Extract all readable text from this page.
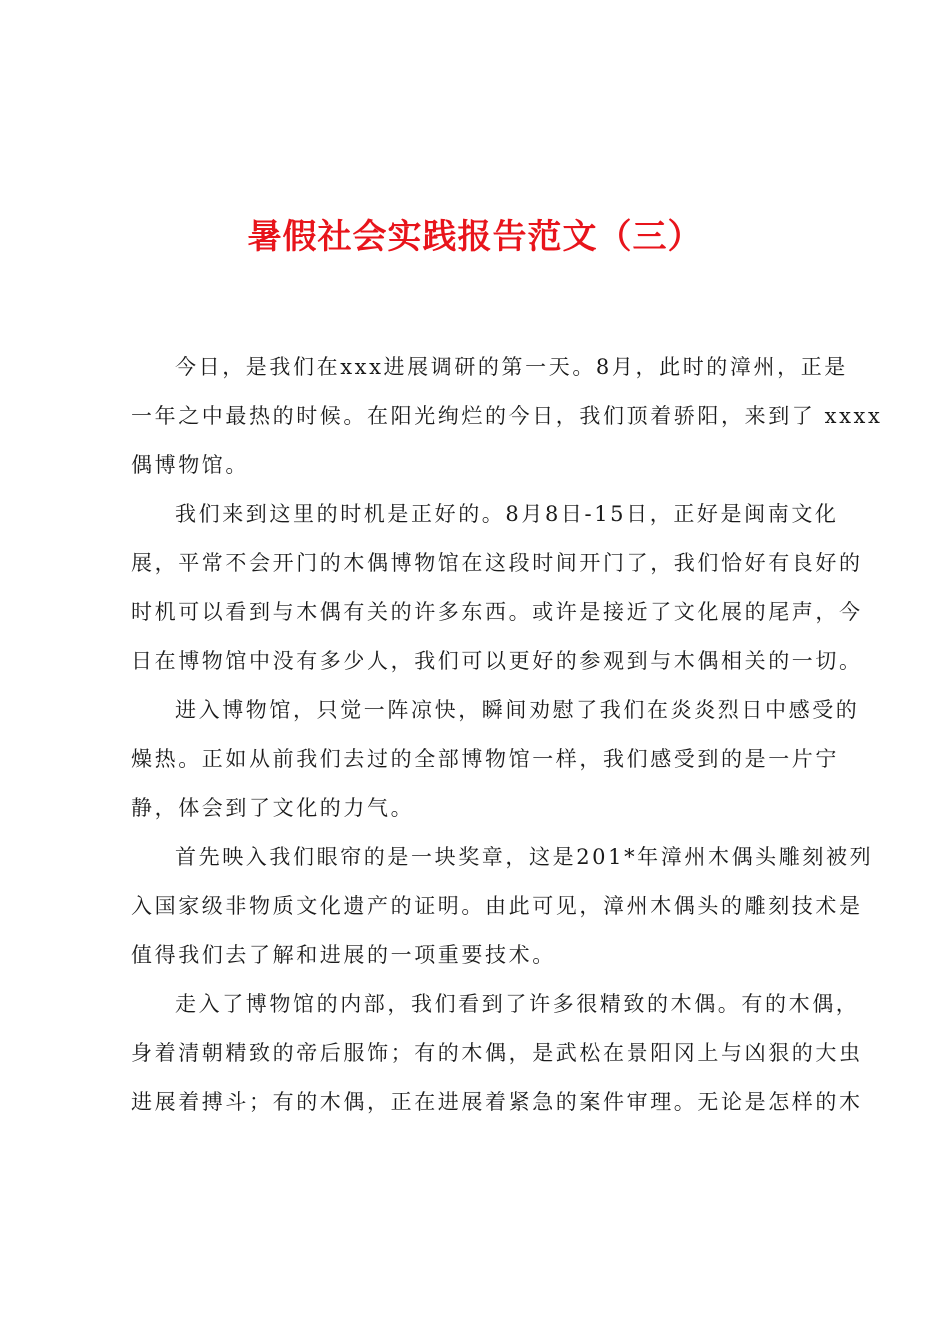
暑假社会实践报告范文（三）

今日，是我们在xxx进展调研的第一天。8月，此时的漳州，正是
一年之中最热的时候。在阳光绚烂的今日，我们顶着骄阳，来到了 xxxx
偶博物馆。

我们来到这里的时机是正好的。8月8日-15日，正好是闽南文化
展，平常不会开门的木偶博物馆在这段时间开门了，我们恰好有良好的
时机可以看到与木偶有关的许多东西。或许是接近了文化展的尾声，今
日在博物馆中没有多少人，我们可以更好的参观到与木偶相关的一切。

进入博物馆，只觉一阵凉快，瞬间劝慰了我们在炎炎烈日中感受的
燥热。正如从前我们去过的全部博物馆一样，我们感受到的是一片宁
静，体会到了文化的力气。

首先映入我们眼帘的是一块奖章，这是201*年漳州木偶头雕刻被列
入国家级非物质文化遗产的证明。由此可见，漳州木偶头的雕刻技术是
值得我们去了解和进展的一项重要技术。

走入了博物馆的内部，我们看到了许多很精致的木偶。有的木偶，
身着清朝精致的帝后服饰；有的木偶，是武松在景阳冈上与凶狠的大虫
进展着搏斗；有的木偶，正在进展着紧急的案件审理。无论是怎样的木
